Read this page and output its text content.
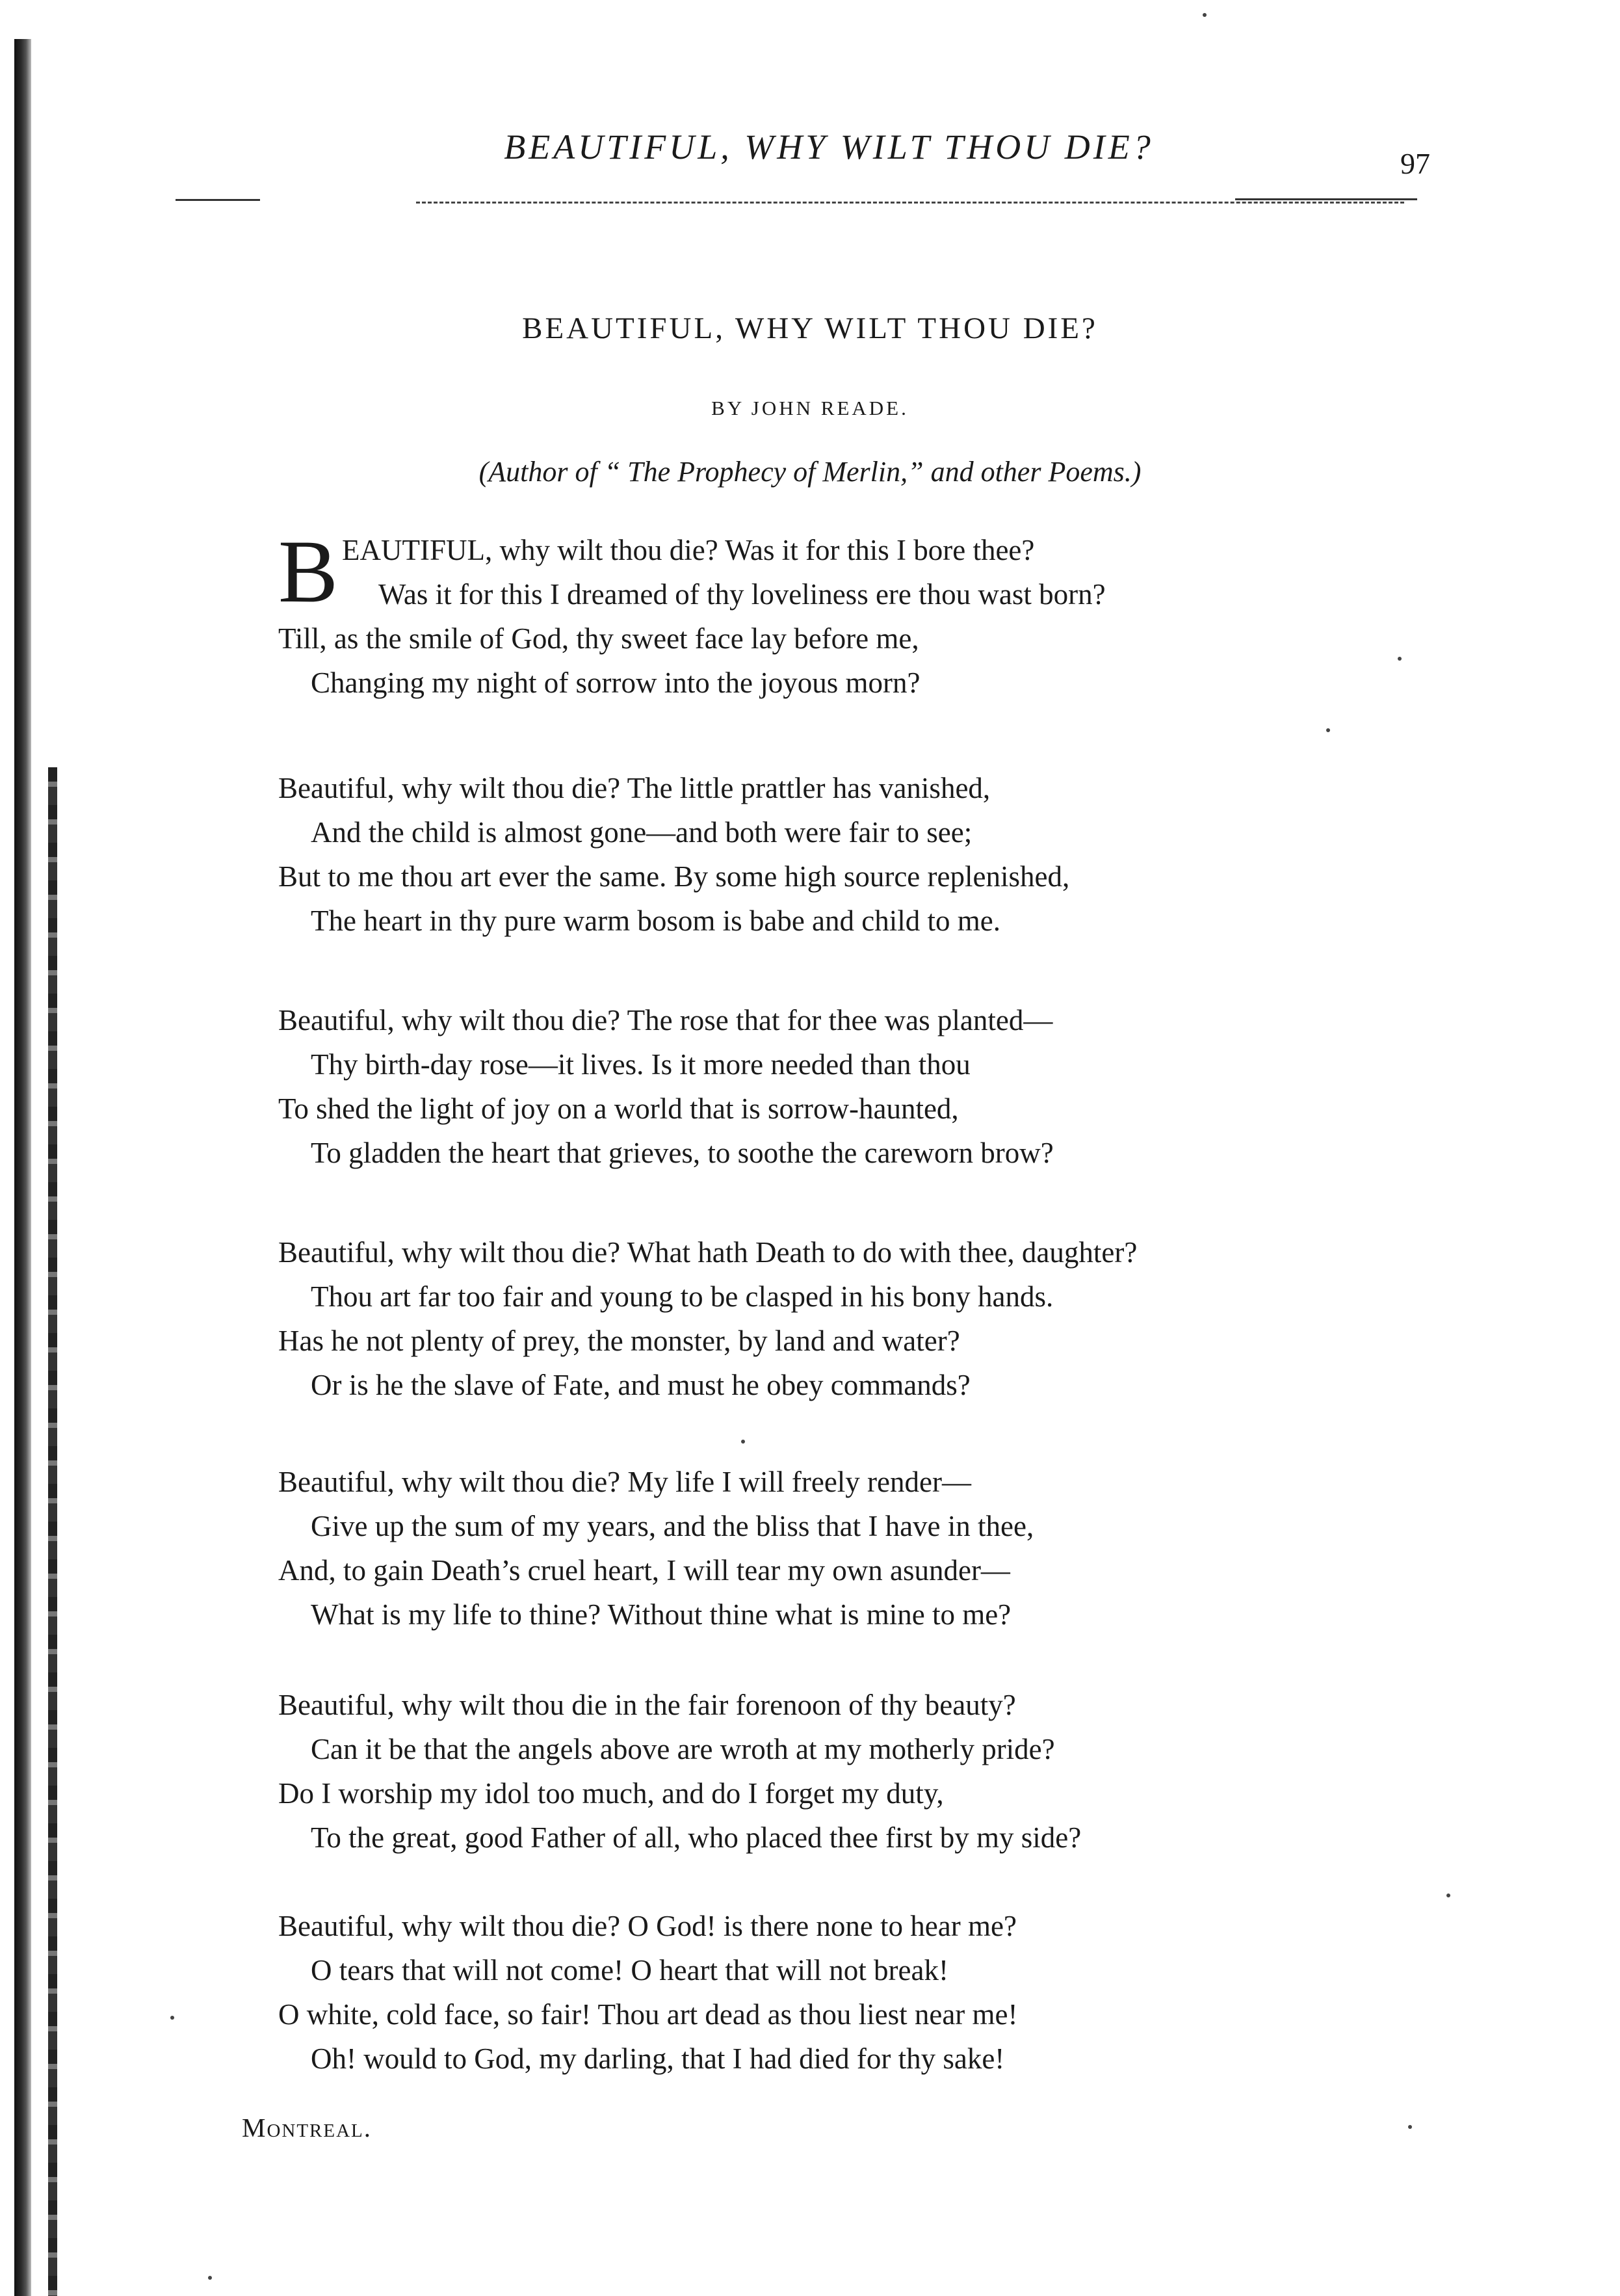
BEAUTIFUL, WHY WILT THOU DIE?	97
BEAUTIFUL, WHY WILT THOU DIE?
BY JOHN READE.
(Author of “ The Prophecy of Merlin,” and other Poems.)
B EAUTIFUL, why wilt thou die? Was it for this I bore thee?
Was it for this I dreamed of thy loveliness ere thou wast born?
Till, as the smile of God, thy sweet face lay before me,
Changing my night of sorrow into the joyous morn?
Beautiful, why wilt thou die? The little prattler has vanished,
And the child is almost gone—and both were fair to see;
But to me thou art ever the same. By some high source replenished,
The heart in thy pure warm bosom is babe and child to me.
Beautiful, why wilt thou die? The rose that for thee was planted—
Thy birth-day rose—it lives. Is it more needed than thou
To shed the light of joy on a world that is sorrow-haunted,
To gladden the heart that grieves, to soothe the careworn brow?
Beautiful, why wilt thou die? What hath Death to do with thee, daughter?
Thou art far too fair and young to be clasped in his bony hands.
Has he not plenty of prey, the monster, by land and water?
Or is he the slave of Fate, and must he obey commands?
Beautiful, why wilt thou die? My life I will freely render—
Give up the sum of my years, and the bliss that I have in thee,
And, to gain Death’s cruel heart, I will tear my own asunder—
What is my life to thine? Without thine what is mine to me?
Beautiful, why wilt thou die in the fair forenoon of thy beauty?
Can it be that the angels above are wroth at my motherly pride?
Do I worship my idol too much, and do I forget my duty,
To the great, good Father of all, who placed thee first by my side?
Beautiful, why wilt thou die? O God! is there none to hear me?
O tears that will not come! O heart that will not break!
O white, cold face, so fair! Thou art dead as thou liest near me!
Oh! would to God, my darling, that I had died for thy sake!
Montreal.
